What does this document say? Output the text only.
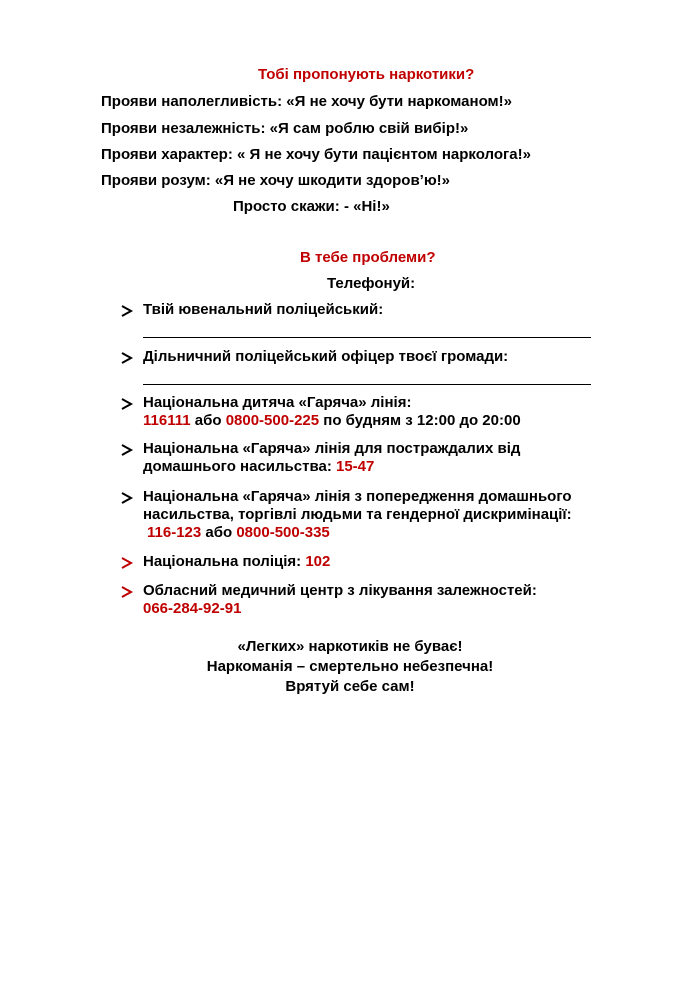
Тобі пропонують наркотики?
Прояви наполегливість: «Я не хочу бути наркоманом!»
Прояви незалежність: «Я сам роблю свій вибір!»
Прояви характер: « Я не хочу бути пацієнтом нарколога!»
Прояви розум: «Я не хочу шкодити здоров’ю!»
Просто скажи: - «Ні!»
В тебе проблеми?
Телефонуй:
Твій ювенальний поліцейський:
Дільничний поліцейський офіцер твоєї громади:
Національна дитяча «Гаряча» лінія:
116111 або 0800-500-225 по будням з 12:00 до 20:00
Національна «Гаряча» лінія для постраждалих від
домашнього насильства: 15-47
Національна «Гаряча» лінія з попередження домашнього
насильства, торгівлі людьми та гендерної дискримінації:
116-123 або 0800-500-335
Національна поліція: 102
Обласний медичний центр з лікування залежностей:
066-284-92-91
«Легких» наркотиків не буває!
Наркоманія – смертельно небезпечна!
Врятуй себе сам!
